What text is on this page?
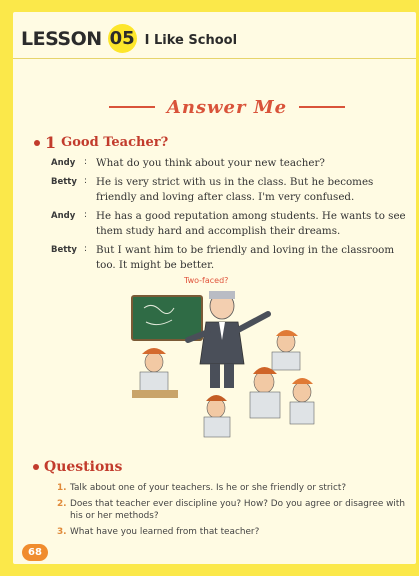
LESSON 05 I Like School
Answer Me
1 Good Teacher?
Andy : What do you think about your new teacher?
Betty : He is very strict with us in the class. But he becomes friendly and loving after class. I'm very confused.
Andy : He has a good reputation among students. He wants to see them study hard and accomplish their dreams.
Betty : But I want him to be friendly and loving in the classroom too. It might be better.
Two-faced?
Questions
1. Talk about one of your teachers. Is he or she friendly or strict?
2. Does that teacher ever discipline you? How? Do you agree or disagree with his or her methods?
3. What have you learned from that teacher?
68
